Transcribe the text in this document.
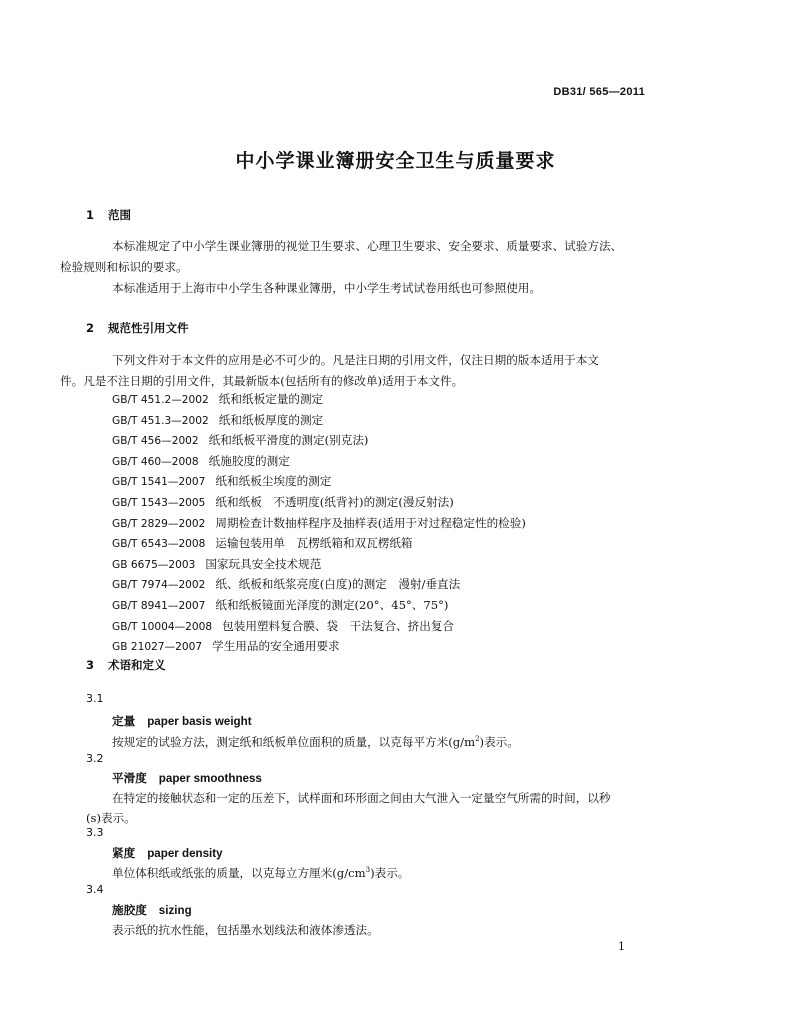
DB31/ 565—2011
中小学课业簿册安全卫生与质量要求
1 范围
本标准规定了中小学生课业簿册的视觉卫生要求、心理卫生要求、安全要求、质量要求、试验方法、
检验规则和标识的要求。
本标准适用于上海市中小学生各种课业簿册，中小学生考试试卷用纸也可参照使用。
2 规范性引用文件
下列文件对于本文件的应用是必不可少的。凡是注日期的引用文件，仅注日期的版本适用于本文
件。凡是不注日期的引用文件，其最新版本(包括所有的修改单)适用于本文件。
GB/T 451.2—2002 纸和纸板定量的测定
GB/T 451.3—2002 纸和纸板厚度的测定
GB/T 456—2002 纸和纸板平滑度的测定(别克法)
GB/T 460—2008 纸施胶度的测定
GB/T 1541—2007 纸和纸板尘埃度的测定
GB/T 1543—2005 纸和纸板　不透明度(纸背衬)的测定(漫反射法)
GB/T 2829—2002 周期检查计数抽样程序及抽样表(适用于对过程稳定性的检验)
GB/T 6543—2008 运输包装用单　瓦楞纸箱和双瓦楞纸箱
GB 6675—2003 国家玩具安全技术规范
GB/T 7974—2002 纸、纸板和纸浆亮度(白度)的测定　漫射/垂直法
GB/T 8941—2007 纸和纸板镜面光泽度的测定(20°、45°、75°)
GB/T 10004—2008 包装用塑料复合膜、袋　干法复合、挤出复合
GB 21027—2007 学生用品的安全通用要求
3 术语和定义
3.1
定量 paper basis weight
按规定的试验方法，测定纸和纸板单位面积的质量，以克每平方米$(g/m^2)$表示。
3.2
平滑度 paper smoothness
在特定的接触状态和一定的压差下，试样面和环形面之间由大气泄入一定量空气所需的时间，以秒
(s)表示。
3.3
紧度 paper density
单位体积纸或纸张的质量，以克每立方厘米$(g/cm^3)$表示。
3.4
施胶度 sizing
表示纸的抗水性能，包括墨水划线法和液体渗透法。
1
